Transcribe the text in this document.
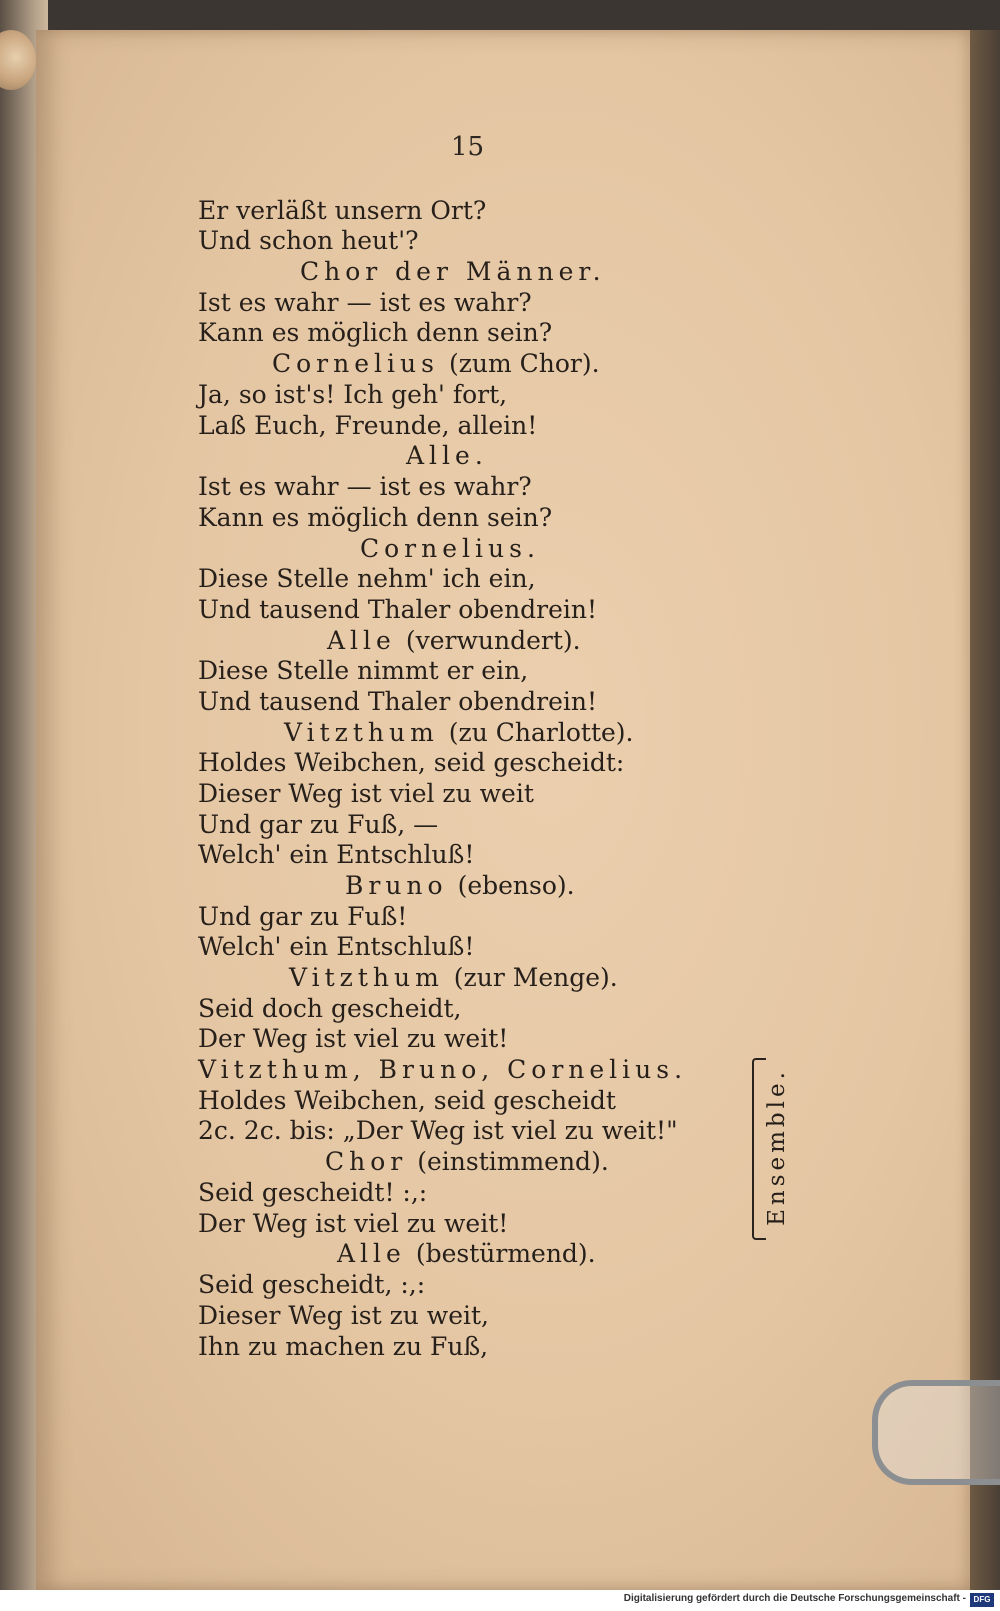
15
Er verläßt unsern Ort?
Und schon heut'?
Chor der Männer.
Ist es wahr — ist es wahr?
Kann es möglich denn sein?
Cornelius (zum Chor).
Ja, so ist's! Ich geh' fort,
Laß Euch, Freunde, allein!
Alle.
Ist es wahr — ist es wahr?
Kann es möglich denn sein?
Cornelius.
Diese Stelle nehm' ich ein,
Und tausend Thaler obendrein!
Alle (verwundert).
Diese Stelle nimmt er ein,
Und tausend Thaler obendrein!
Vitzthum (zu Charlotte).
Holdes Weibchen, seid gescheidt:
Dieser Weg ist viel zu weit
Und gar zu Fuß, —
Welch' ein Entschluß!
Bruno (ebenso).
Und gar zu Fuß!
Welch' ein Entschluß!
Vitzthum (zur Menge).
Seid doch gescheidt,
Der Weg ist viel zu weit!
Vitzthum, Bruno, Cornelius.
Holdes Weibchen, seid gescheidt
2c. 2c. bis: „Der Weg ist viel zu weit!"
Chor (einstimmend).
Seid gescheidt! :,:
Der Weg ist viel zu weit!
Alle (bestürmend).
Seid gescheidt, :,:
Dieser Weg ist zu weit,
Ihn zu machen zu Fuß,
Ensemble.
Digitalisierung gefördert durch die Deutsche Forschungsgemeinschaft - DFG
